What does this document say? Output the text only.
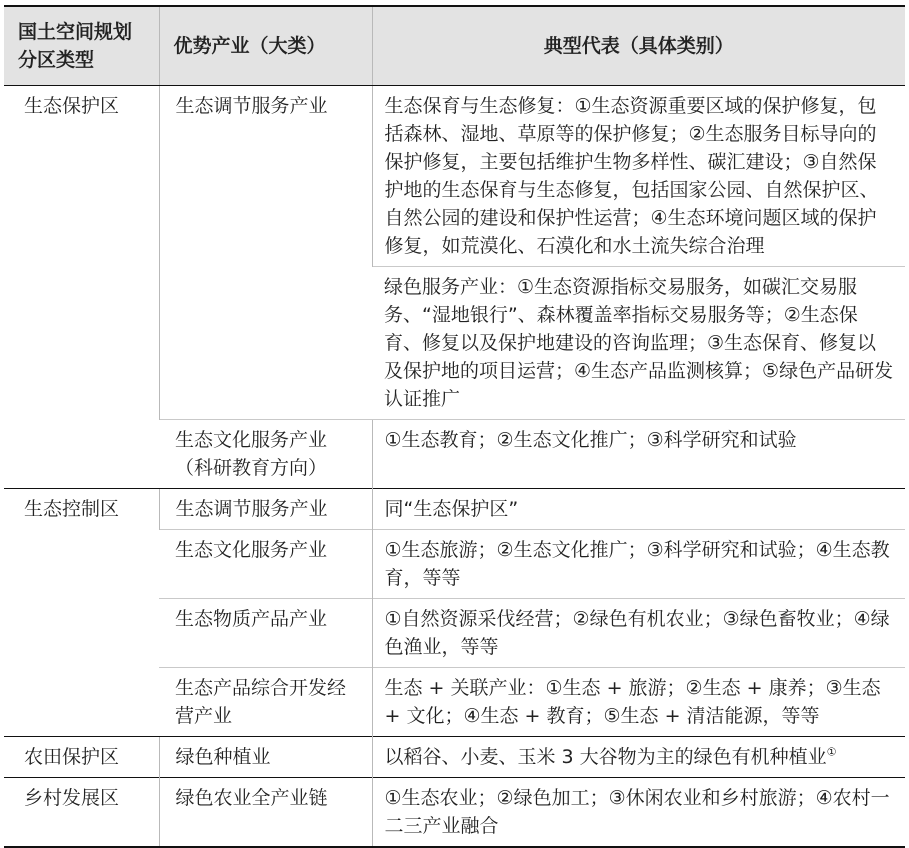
国土空间规划分区类型	优势产业（大类）	典型代表（具体类别）
生态保护区	生态调节服务产业	生态保育与生态修复：①生态资源重要区域的保护修复，包括森林、湿地、草原等的保护修复；②生态服务目标导向的保护修复，主要包括维护生物多样性、碳汇建设；③自然保护地的生态保育与生态修复，包括国家公园、自然保护区、自然公园的建设和保护性运营；④生态环境问题区域的保护修复，如荒漠化、石漠化和水土流失综合治理
		绿色服务产业：①生态资源指标交易服务，如碳汇交易服务、“湿地银行”、森林覆盖率指标交易服务等；②生态保育、修复以及保护地建设的咨询监理；③生态保育、修复以及保护地的项目运营；④生态产品监测核算；⑤绿色产品研发认证推广
	生态文化服务产业（科研教育方向）	①生态教育；②生态文化推广；③科学研究和试验
生态控制区	生态调节服务产业	同“生态保护区”
	生态文化服务产业	①生态旅游；②生态文化推广；③科学研究和试验；④生态教育，等等
	生态物质产品产业	①自然资源采伐经营；②绿色有机农业；③绿色畜牧业；④绿色渔业，等等
	生态产品综合开发经营产业	生态 + 关联产业：①生态 + 旅游；②生态 + 康养；③生态 + 文化；④生态 + 教育；⑤生态 + 清洁能源，等等
农田保护区	绿色种植业	以稻谷、小麦、玉米 3 大谷物为主的绿色有机种植业①
乡村发展区	绿色农业全产业链	①生态农业；②绿色加工；③休闲农业和乡村旅游；④农村一二三产业融合
